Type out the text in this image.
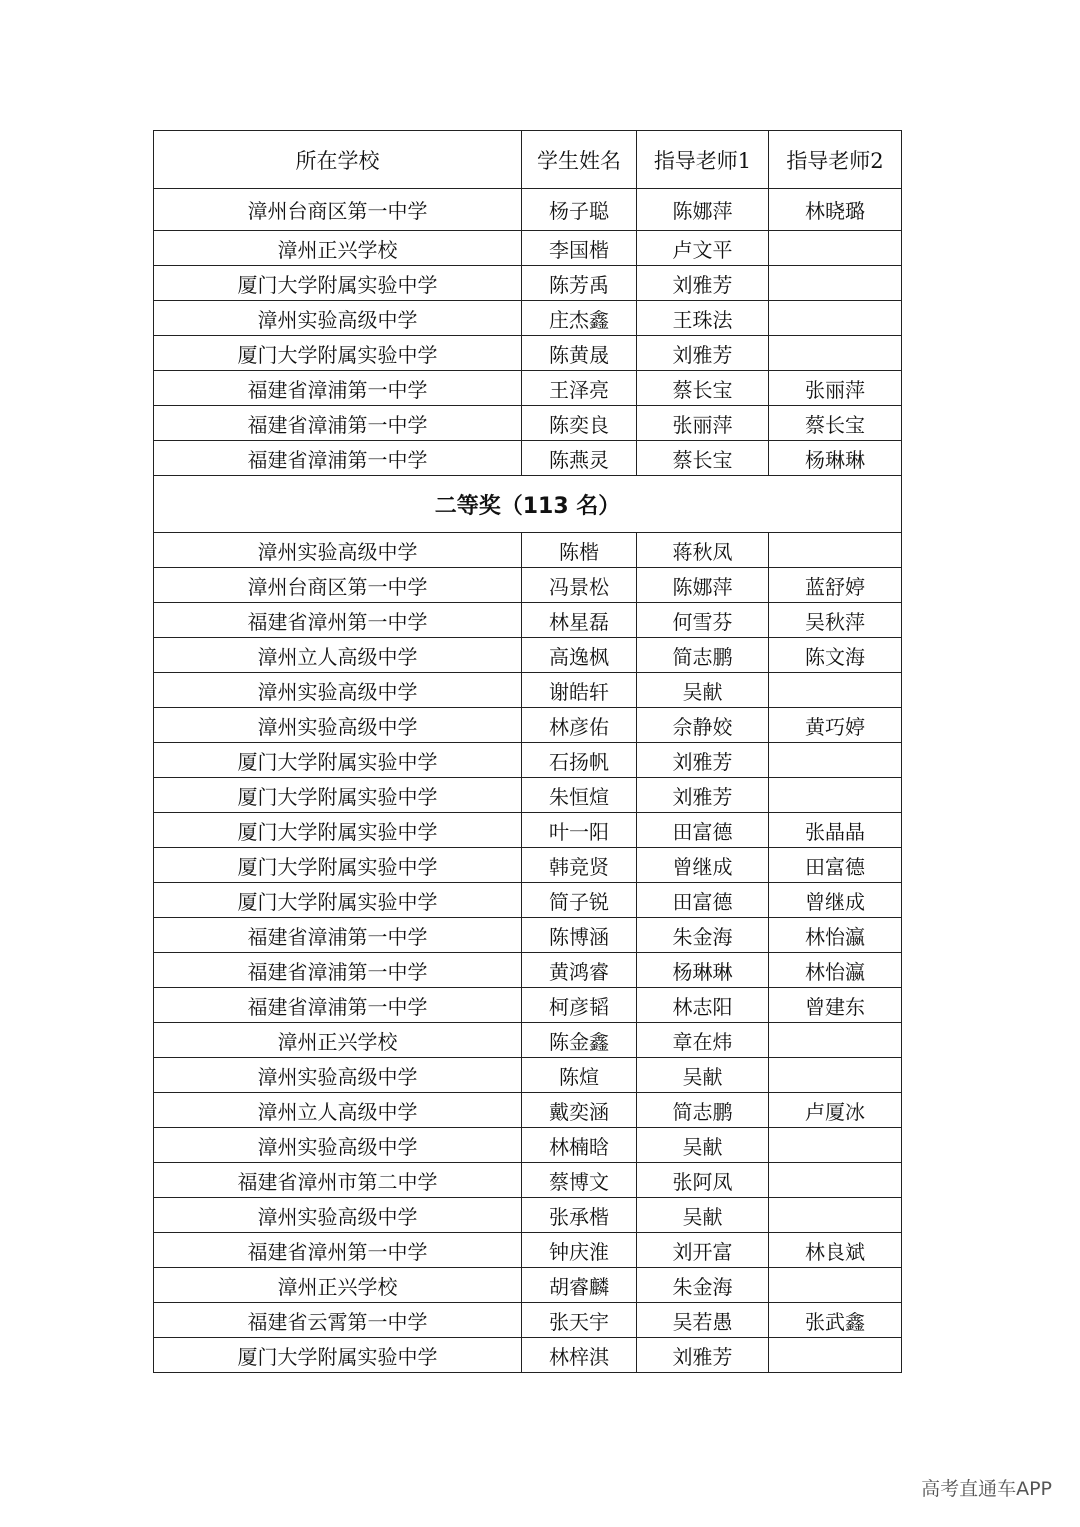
所在学校	学生姓名	指导老师1	指导老师2
漳州台商区第一中学	杨子聪	陈娜萍	林晓璐
漳州正兴学校	李国楷	卢文平	
厦门大学附属实验中学	陈芳禹	刘雅芳	
漳州实验高级中学	庄杰鑫	王珠法	
厦门大学附属实验中学	陈黄晟	刘雅芳	
福建省漳浦第一中学	王泽亮	蔡长宝	张丽萍
福建省漳浦第一中学	陈奕良	张丽萍	蔡长宝
福建省漳浦第一中学	陈燕灵	蔡长宝	杨琳琳
二等奖（113 名）			
漳州实验高级中学	陈楷	蒋秋凤	
漳州台商区第一中学	冯景松	陈娜萍	蓝舒婷
福建省漳州第一中学	林星磊	何雪芬	吴秋萍
漳州立人高级中学	高逸枫	简志鹏	陈文海
漳州实验高级中学	谢皓轩	吴献	
漳州实验高级中学	林彦佑	佘静姣	黄巧婷
厦门大学附属实验中学	石扬帆	刘雅芳	
厦门大学附属实验中学	朱恒煊	刘雅芳	
厦门大学附属实验中学	叶一阳	田富德	张晶晶
厦门大学附属实验中学	韩竞贤	曾继成	田富德
厦门大学附属实验中学	简子锐	田富德	曾继成
福建省漳浦第一中学	陈博涵	朱金海	林怡瀛
福建省漳浦第一中学	黄鸿睿	杨琳琳	林怡瀛
福建省漳浦第一中学	柯彦韬	林志阳	曾建东
漳州正兴学校	陈金鑫	章在炜	
漳州实验高级中学	陈煊	吴献	
漳州立人高级中学	戴奕涵	简志鹏	卢厦冰
漳州实验高级中学	林楠晗	吴献	
福建省漳州市第二中学	蔡博文	张阿凤	
漳州实验高级中学	张承楷	吴献	
福建省漳州第一中学	钟庆淮	刘开富	林良斌
漳州正兴学校	胡睿麟	朱金海	
福建省云霄第一中学	张天宇	吴若愚	张武鑫
厦门大学附属实验中学	林梓淇	刘雅芳	
高考直通车APP
